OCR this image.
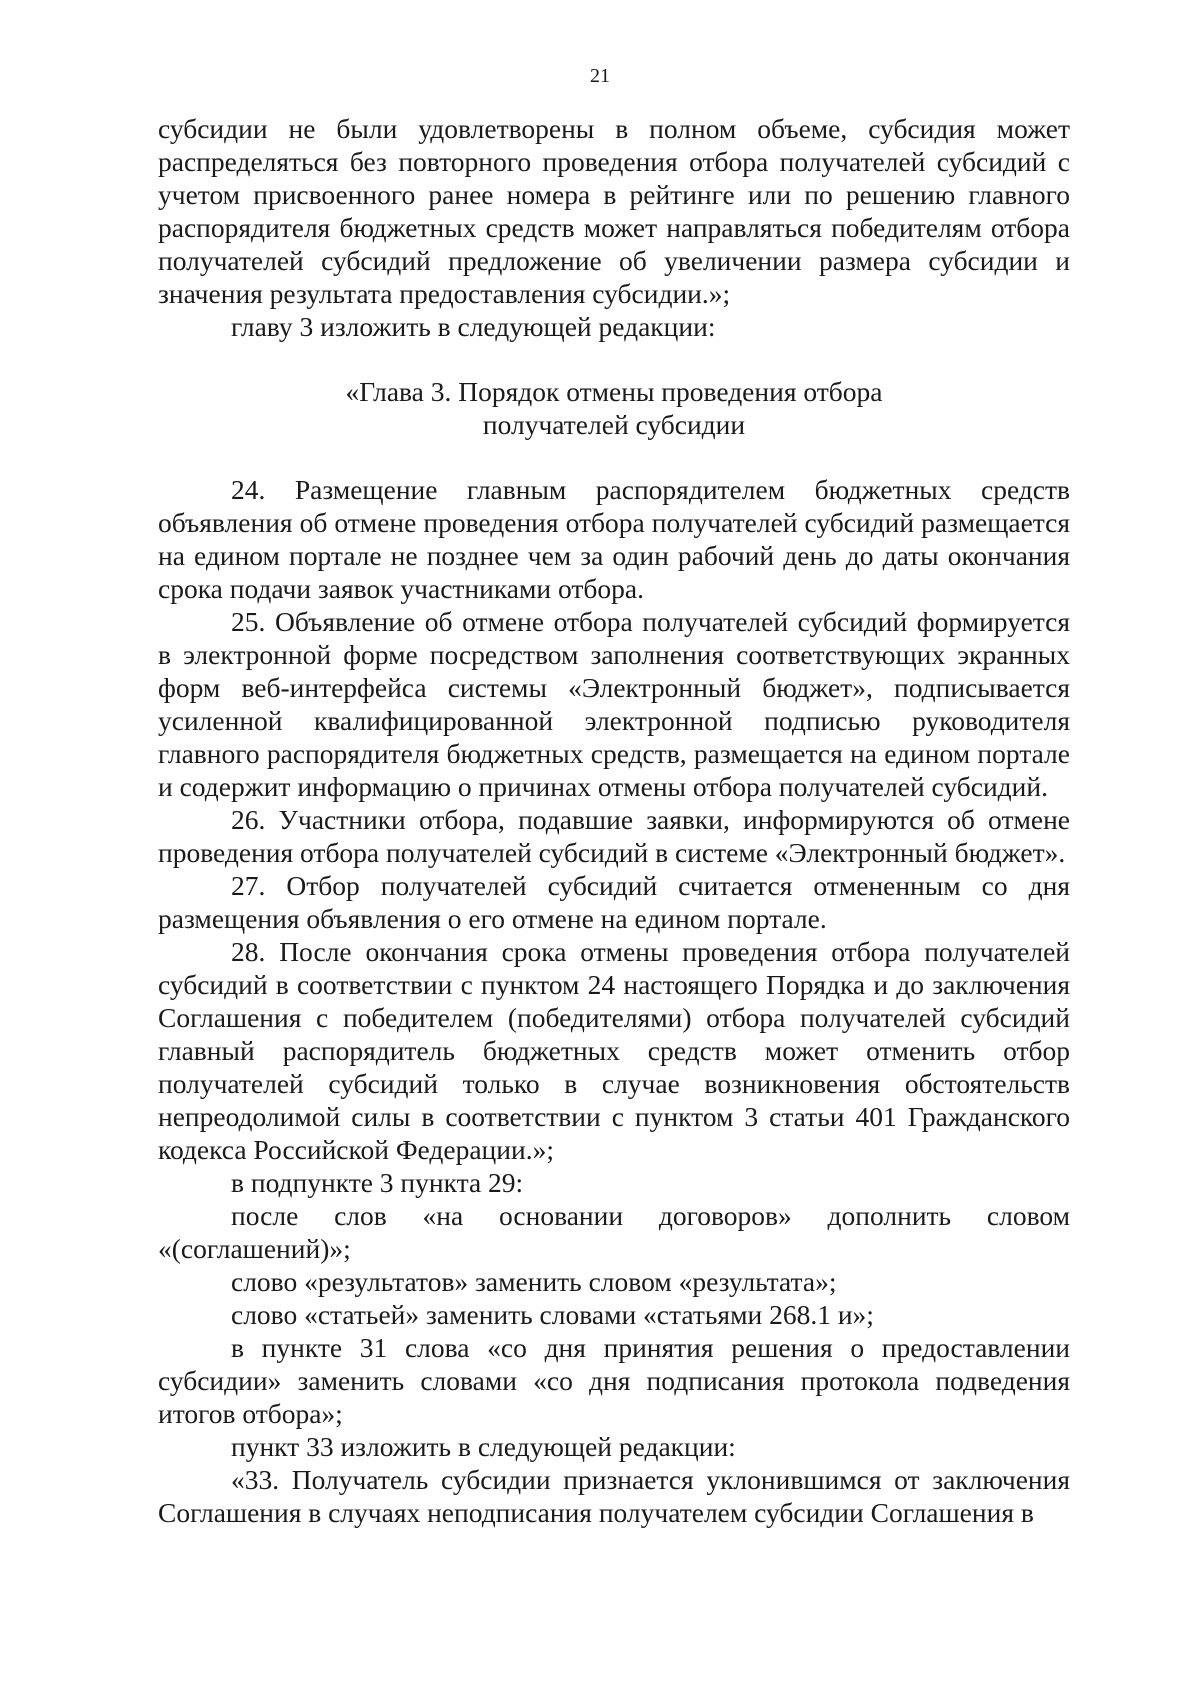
21

субсидии не были удовлетворены в полном объеме, субсидия может распределяться без повторного проведения отбора получателей субсидий с учетом присвоенного ранее номера в рейтинге или по решению главного распорядителя бюджетных средств может направляться победителям отбора получателей субсидий предложение об увеличении размера субсидии и значения результата предоставления субсидии.»;

главу 3 изложить в следующей редакции:

«Глава 3. Порядок отмены проведения отбора
получателей субсидии

24. Размещение главным распорядителем бюджетных средств объявления об отмене проведения отбора получателей субсидий размещается на едином портале не позднее чем за один рабочий день до даты окончания срока подачи заявок участниками отбора.

25. Объявление об отмене отбора получателей субсидий формируется в электронной форме посредством заполнения соответствующих экранных форм веб-интерфейса системы «Электронный бюджет», подписывается усиленной квалифицированной электронной подписью руководителя главного распорядителя бюджетных средств, размещается на едином портале и содержит информацию о причинах отмены отбора получателей субсидий.

26. Участники отбора, подавшие заявки, информируются об отмене проведения отбора получателей субсидий в системе «Электронный бюджет».

27. Отбор получателей субсидий считается отмененным со дня размещения объявления о его отмене на едином портале.

28. После окончания срока отмены проведения отбора получателей субсидий в соответствии с пунктом 24 настоящего Порядка и до заключения Соглашения с победителем (победителями) отбора получателей субсидий главный распорядитель бюджетных средств может отменить отбор получателей субсидий только в случае возникновения обстоятельств непреодолимой силы в соответствии с пунктом 3 статьи 401 Гражданского кодекса Российской Федерации.»;

в подпункте 3 пункта 29:

после слов «на основании договоров» дополнить словом «(соглашений)»;

слово «результатов» заменить словом «результата»;

слово «статьей» заменить словами «статьями 268.1 и»;

в пункте 31 слова «со дня принятия решения о предоставлении субсидии» заменить словами «со дня подписания протокола подведения итогов отбора»;

пункт 33 изложить в следующей редакции:

«33. Получатель субсидии признается уклонившимся от заключения Соглашения в случаях неподписания получателем субсидии Соглашения в
